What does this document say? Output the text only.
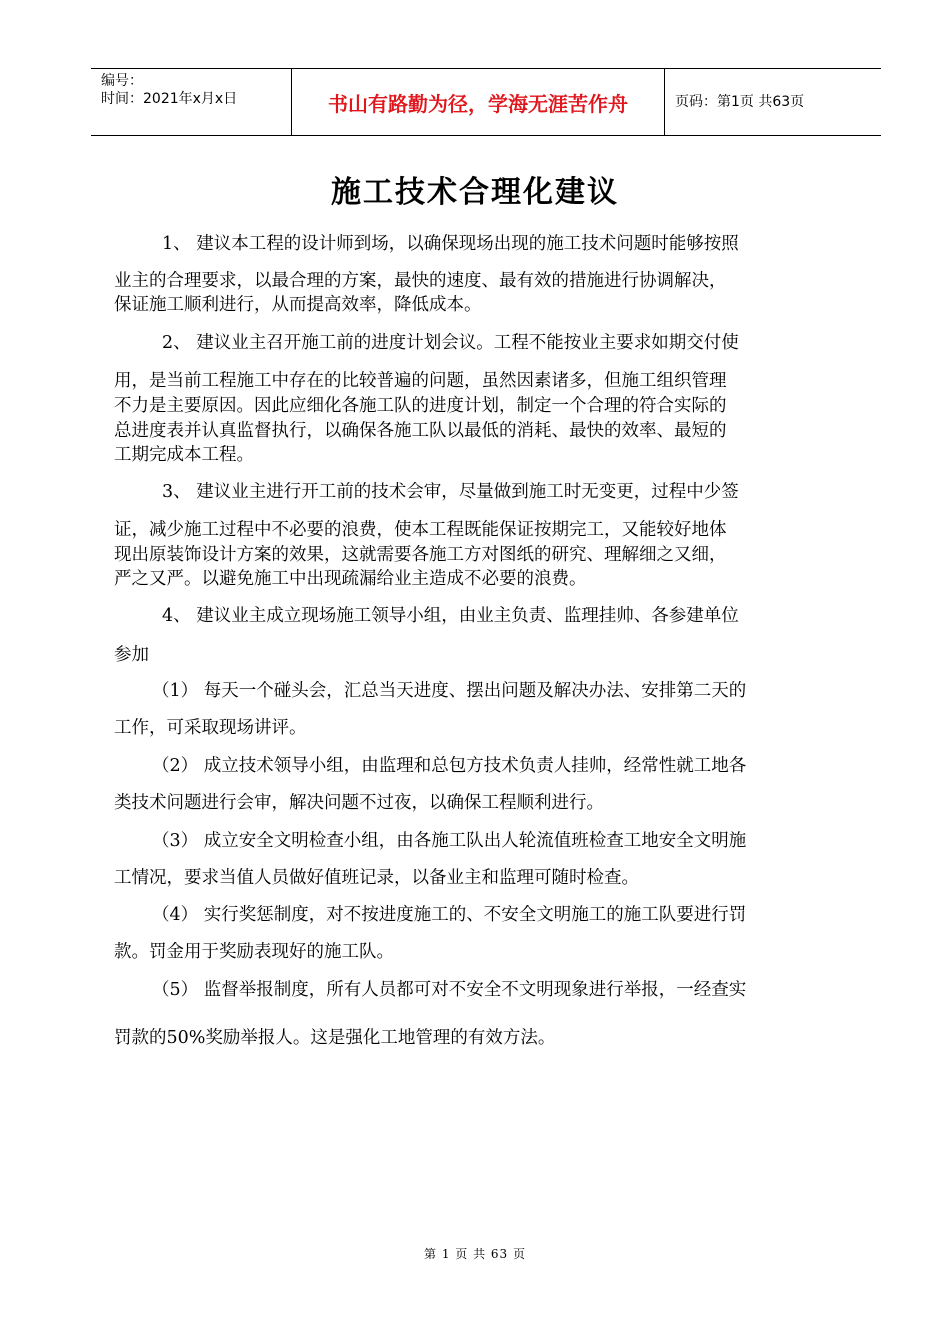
编号：
时间：2021年x月x日	书山有路勤为径，学海无涯苦作舟	页码：第1页 共63页
施工技术合理化建议
1、 建议本工程的设计师到场，以确保现场出现的施工技术问题时能够按照
业主的合理要求，以最合理的方案，最快的速度、最有效的措施进行协调解决，
保证施工顺利进行，从而提高效率，降低成本。
2、 建议业主召开施工前的进度计划会议。工程不能按业主要求如期交付使
用，是当前工程施工中存在的比较普遍的问题，虽然因素诸多，但施工组织管理
不力是主要原因。因此应细化各施工队的进度计划，制定一个合理的符合实际的
总进度表并认真监督执行，以确保各施工队以最低的消耗、最快的效率、最短的
工期完成本工程。
3、 建议业主进行开工前的技术会审，尽量做到施工时无变更，过程中少签
证，减少施工过程中不必要的浪费，使本工程既能保证按期完工，又能较好地体
现出原装饰设计方案的效果，这就需要各施工方对图纸的研究、理解细之又细，
严之又严。以避免施工中出现疏漏给业主造成不必要的浪费。
4、 建议业主成立现场施工领导小组，由业主负责、监理挂帅、各参建单位
参加
（1） 每天一个碰头会，汇总当天进度、摆出问题及解决办法、安排第二天的
工作，可采取现场讲评。
（2） 成立技术领导小组，由监理和总包方技术负责人挂帅，经常性就工地各
类技术问题进行会审，解决问题不过夜，以确保工程顺利进行。
（3） 成立安全文明检查小组，由各施工队出人轮流值班检查工地安全文明施
工情况，要求当值人员做好值班记录，以备业主和监理可随时检查。
（4） 实行奖惩制度，对不按进度施工的、不安全文明施工的施工队要进行罚
款。罚金用于奖励表现好的施工队。
（5） 监督举报制度，所有人员都可对不安全不文明现象进行举报，一经查实
罚款的50%奖励举报人。这是强化工地管理的有效方法。
第 1 页 共 63 页
